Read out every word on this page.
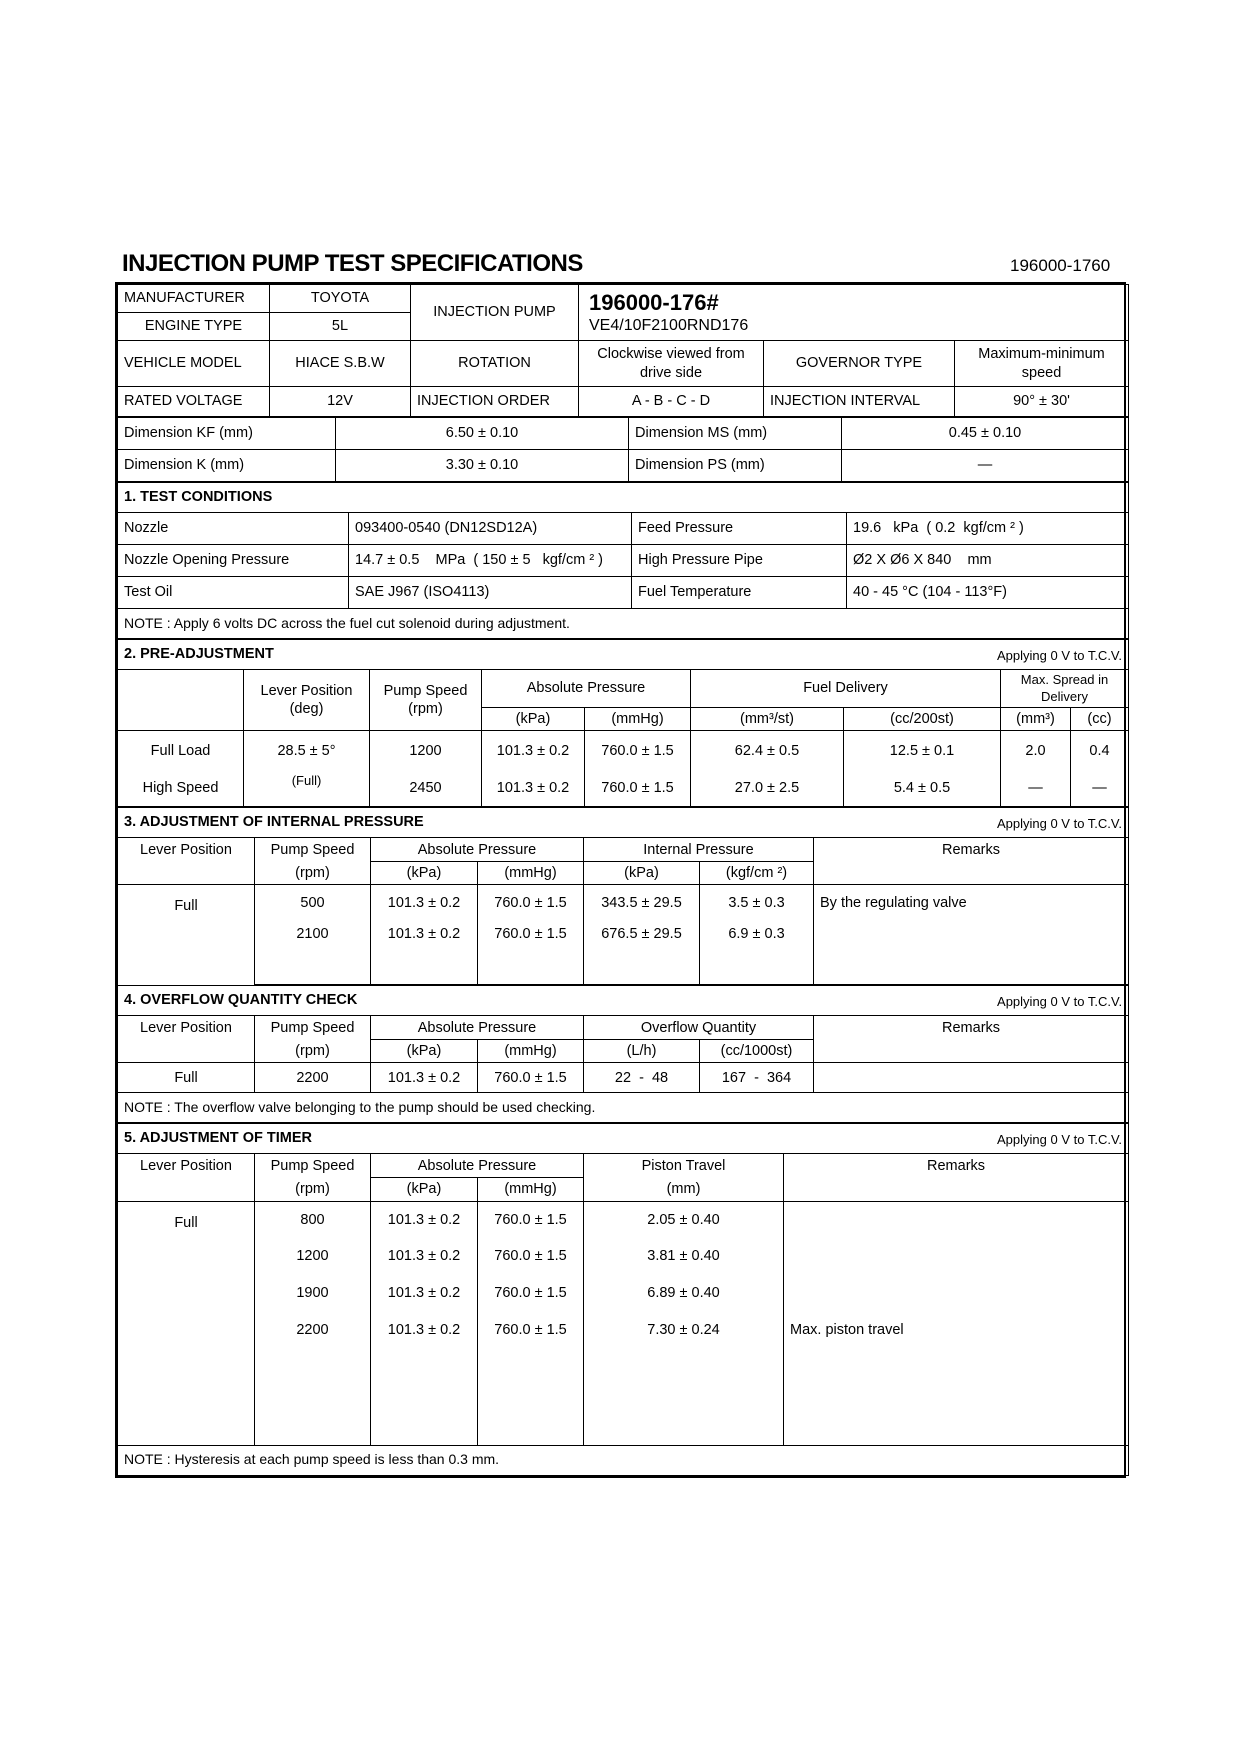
INJECTION PUMP TEST SPECIFICATIONS	196000-1760
MANUFACTURER	TOYOTA	INJECTION PUMP	196000-176#
VE4/10F2100RND176		

ENGINE TYPE	5L				
VEHICLE MODEL	HIACE S.B.W	ROTATION	Clockwise viewed from drive side	GOVERNOR TYPE	Maximum-minimum speed
RATED VOLTAGE	12V	INJECTION ORDER	A - B - C - D	INJECTION INTERVAL	90° ± 30'
Dimension KF (mm)	6.50 ± 0.10	Dimension MS (mm)	0.45 ± 0.10
Dimension K (mm)	3.30 ± 0.10	Dimension PS (mm)	—
1. TEST CONDITIONS			
Nozzle	093400-0540 (DN12SD12A)	Feed Pressure	19.6   kPa  ( 0.2  kgf/cm ² )
Nozzle Opening Pressure	14.7 ± 0.5    MPa  ( 150 ± 5   kgf/cm ² )	High Pressure Pipe	Ø2 X Ø6 X 840    mm
Test Oil	SAE J967 (ISO4113)	Fuel Temperature	40 - 45 °C (104 - 113°F)
NOTE : Apply 6 volts DC across the fuel cut solenoid during adjustment.			
2. PRE-ADJUSTMENT Applying 0 V to T.C.V.								

	Lever Position (deg)	Pump Speed (rpm)	Absolute Pressure		Fuel Delivery		Max. Spread in Delivery	
			(kPa)	(mmHg)	(mm³/st)	(cc/200st)	(mm³)	(cc)
Full Load	28.5 ± 5°	1200	101.3 ± 0.2	760.0 ± 1.5	62.4 ± 0.5	12.5 ± 0.1	2.0	0.4
High Speed	(Full)	2450	101.3 ± 0.2	760.0 ± 1.5	27.0 ± 2.5	5.4 ± 0.5	—	—
3. ADJUSTMENT OF INTERNAL PRESSURE Applying 0 V to T.C.V.						

Lever Position	Pump Speed	Absolute Pressure		Internal Pressure		Remarks
	(rpm)	(kPa)	(mmHg)	(kPa)	(kgf/cm ²)	
Full	500	101.3 ± 0.2	760.0 ± 1.5	343.5 ± 29.5	3.5 ± 0.3	By the regulating valve
	2100	101.3 ± 0.2	760.0 ± 1.5	676.5 ± 29.5	6.9 ± 0.3	
4. OVERFLOW QUANTITY CHECK Applying 0 V to T.C.V.						

Lever Position	Pump Speed	Absolute Pressure		Overflow Quantity		Remarks
	(rpm)	(kPa)	(mmHg)	(L/h)	(cc/1000st)	
Full	2200	101.3 ± 0.2	760.0 ± 1.5	22  -  48	167  -  364	
NOTE : The overflow valve belonging to the pump should be used checking.						
5. ADJUSTMENT OF TIMER Applying 0 V to T.C.V.					

Lever Position	Pump Speed	Absolute Pressure		Piston Travel	Remarks
	(rpm)	(kPa)	(mmHg)	(mm)	
Full	800	101.3 ± 0.2	760.0 ± 1.5	2.05 ± 0.40	
	1200	101.3 ± 0.2	760.0 ± 1.5	3.81 ± 0.40	
	1900	101.3 ± 0.2	760.0 ± 1.5	6.89 ± 0.40	
	2200	101.3 ± 0.2	760.0 ± 1.5	7.30 ± 0.24	Max. piston travel

NOTE : Hysteresis at each pump speed is less than 0.3 mm.					
